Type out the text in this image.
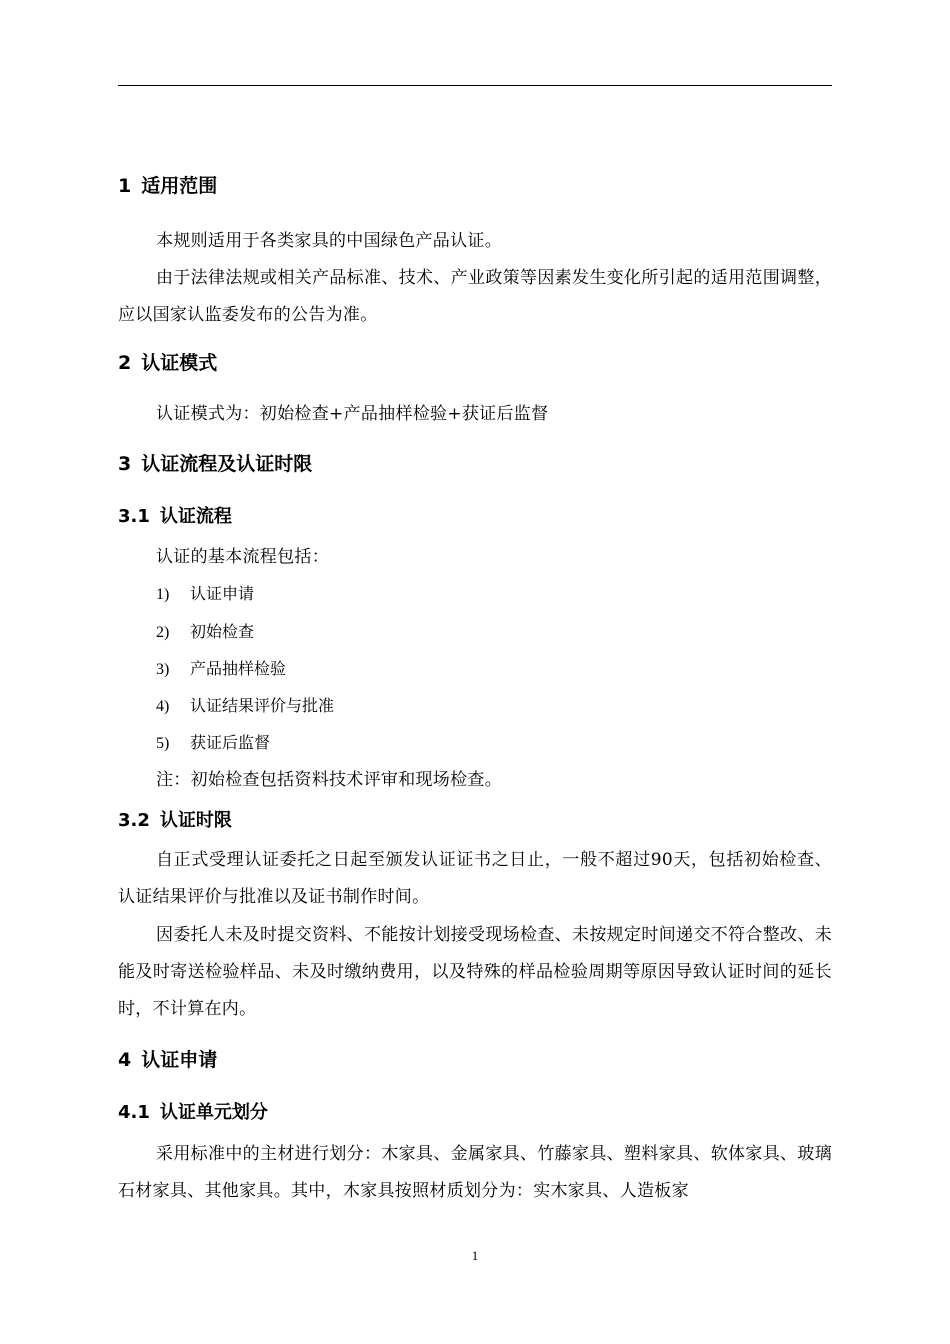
1 适用范围

本规则适用于各类家具的中国绿色产品认证。

由于法律法规或相关产品标准、技术、产业政策等因素发生变化所引起的适用范围调整，应以国家认监委发布的公告为准。

2 认证模式

认证模式为：初始检查+产品抽样检验+获证后监督

3 认证流程及认证时限
3.1 认证流程

认证的基本流程包括：

1) 认证申请
2) 初始检查
3) 产品抽样检验
4) 认证结果评价与批准
5) 获证后监督

注：初始检查包括资料技术评审和现场检查。

3.2 认证时限

自正式受理认证委托之日起至颁发认证证书之日止，一般不超过90天，包括初始检查、认证结果评价与批准以及证书制作时间。

因委托人未及时提交资料、不能按计划接受现场检查、未按规定时间递交不符合整改、未能及时寄送检验样品、未及时缴纳费用，以及特殊的样品检验周期等原因导致认证时间的延长时，不计算在内。

4 认证申请
4.1 认证单元划分

采用标准中的主材进行划分：木家具、金属家具、竹藤家具、塑料家具、软体家具、玻璃石材家具、其他家具。其中，木家具按照材质划分为：实木家具、人造板家

1
